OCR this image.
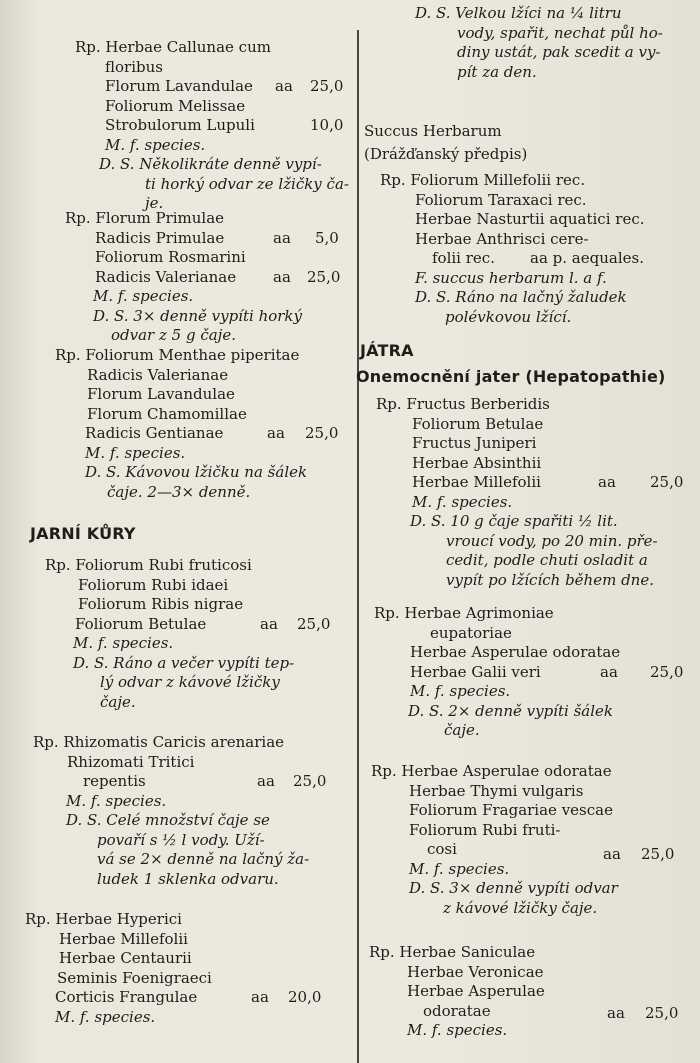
Rp. Herbae Callunae cum
floribus
Florum Lavandulae aa 25,0
Foliorum Melissae
Strobulorum Lupuli	10,0
M. f. species.
D. S. Několikráte denně vypí-
ti horký odvar ze lžičky ča-
je.
Rp. Florum Primulae
Radicis Primulae	aa 5,0
Foliorum Rosmarini
Radicis Valerianae aa 25,0
M. f. species.
D. S. 3× denně vypíti horký
odvar z 5 g čaje.
Rp. Foliorum Menthae piperitae
Radicis Valerianae
Florum Lavandulae
Florum Chamomillae
Radicis Gentianae	aa 25,0
M. f. species.
D. S. Kávovou lžičku na šálek
čaje. 2—3× denně.
JARNÍ KŮRY
Rp. Foliorum Rubi fruticosi
Foliorum Rubi idaei
Foliorum Ribis nigrae
Foliorum Betulae	aa 25,0
M. f. species.
D. S. Ráno a večer vypíti tep-
lý odvar z kávové lžičky
čaje.
Rp. Rhizomatis Caricis arenariae
Rhizomati Tritici
repentis	aa 25,0
M. f. species.
D. S. Celé množství čaje se
povaří s ½ l vody. Uží-
vá se 2× denně na lačný ža-
ludek 1 sklenka odvaru.
Rp. Herbae Hyperici
Herbae Millefolii
Herbae Centaurii
Seminis Foenigraeci
Corticis Frangulae	aa 20,0
M. f. species.
D. S. Velkou lžíci na ¼ litru
vody, spařit, nechat půl ho-
diny ustát, pak scedit a vy-
pít za den.
Succus Herbarum
(Drážďanský předpis)
Rp. Foliorum Millefolii rec.
Foliorum Taraxaci rec.
Herbae Nasturtii aquatici rec.
Herbae Anthrisci cere-
folii rec. aa p. aequales.
F. succus herbarum l. a f.
D. S. Ráno na lačný žaludek
polévkovou lžící.
JÁTRA
Onemocnění jater (Hepatopathie)
Rp. Fructus Berberidis
Foliorum Betulae
Fructus Juniperi
Herbae Absinthii
Herbae Millefolii	aa 25,0
M. f. species.
D. S. 10 g čaje spařiti ½ lit.
vroucí vody, po 20 min. pře-
cedit, podle chuti osladit a
vypít po lžících během dne.
Rp. Herbae Agrimoniae
eupatoriae
Herbae Asperulae odoratae
Herbae Galii veri	aa 25,0
M. f. species.
D. S. 2× denně vypíti šálek
čaje.
Rp. Herbae Asperulae odoratae
Herbae Thymi vulgaris
Foliorum Fragariae vescae
Foliorum Rubi fruti-
cosi	aa 25,0
M. f. species.
D. S. 3× denně vypíti odvar
z kávové lžičky čaje.
Rp. Herbae Saniculae
Herbae Veronicae
Herbae Asperulae
odoratae	aa 25,0
M. f. species.
